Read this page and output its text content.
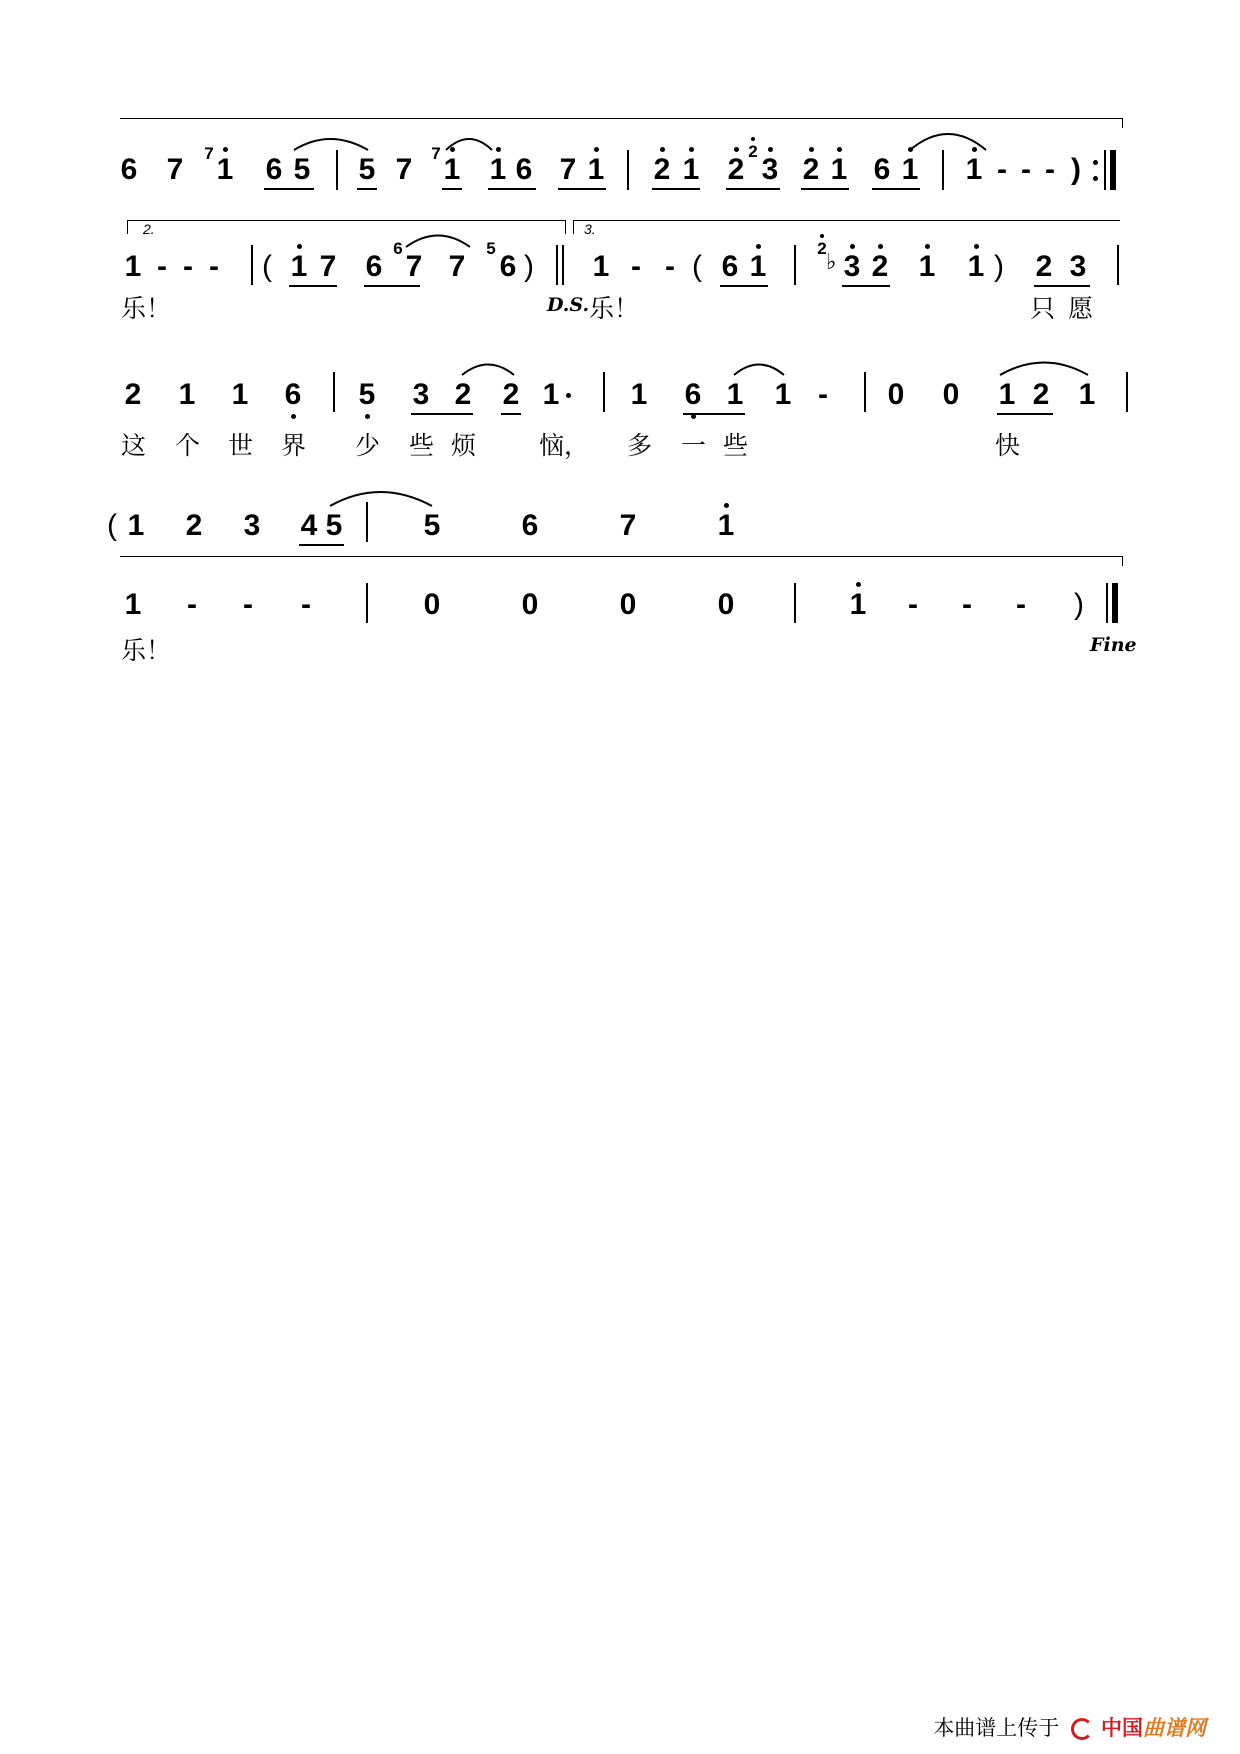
6 7 7 1 6 5 5 7 7 1 1 6 7 1 2 1 2
2
3 2 1 6 1 1 - - - )
2.	3.
1 - - - ( 1 7 6
6
7 7
5
6 ) 1 - - ( 6 1
2
♭ 3 2 1 1 ) 2 3
乐！	D.S. 乐！	只 愿
2 1 1 6 5 3 2 2 1 1 6 1 1 - 0 0 1 2 1
这 个 世 界 少 些 烦	恼， 多 一 些	快
( 1 2 3 4 5	5	6	7	1
1 - - -	0	0	0	0	1 - - - )
乐！	Fine
本曲谱上传于 中国曲谱网
